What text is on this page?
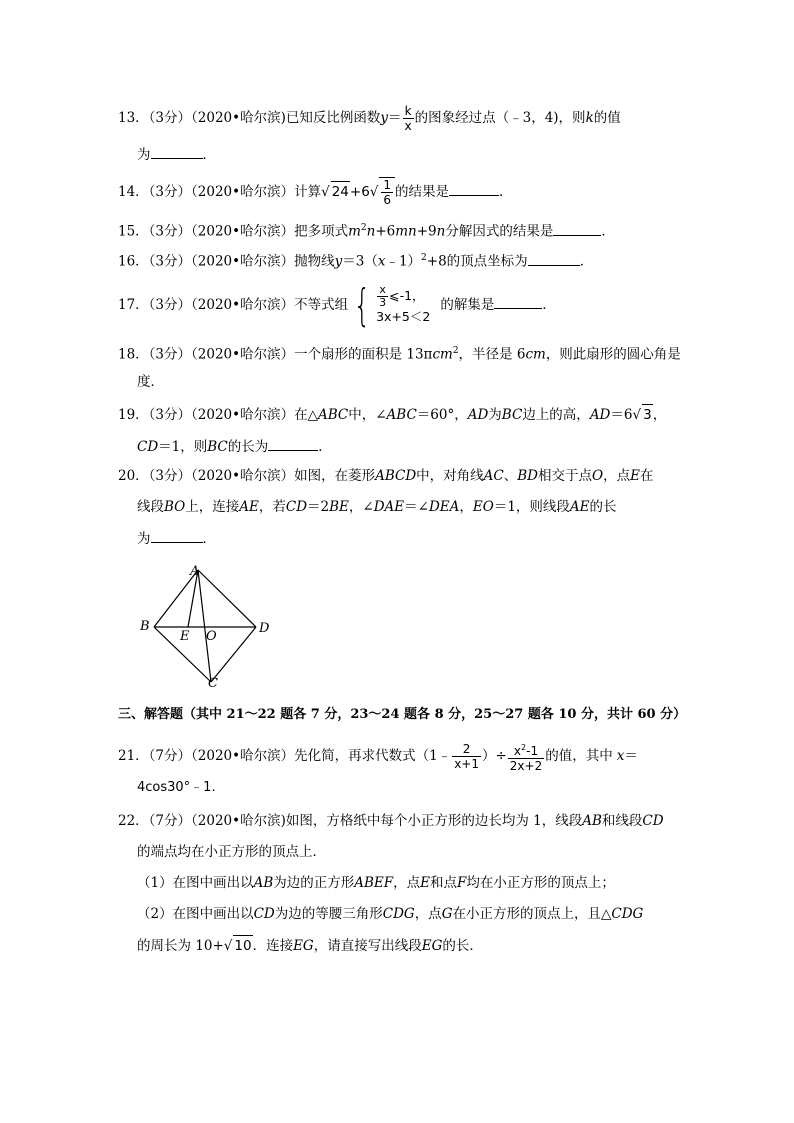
13．（3分）（2020•哈尔滨)已知反比例函数$y= \frac{k}{x}$ 的图象经过点（﹣3，4)，则k的值
为	．
14．（3分）（2020•哈尔滨）计算√ $24+6√ \frac{1}{6}$ 的结果是	．
15．（3分）（2020•哈尔滨）把多项式$m^2n+6mn+9n$分解因式的结果是	．
16．（3分）（2020•哈尔滨）抛物线y＝3（x﹣1）$^2$+8的顶点坐标为	．
17．（3分）（2020•哈尔滨）不等式组 { $\frac{x}{3}$ ⩽-1，
3x+5＜2
的解集是	．
18．（3分）（2020•哈尔滨）一个扇形的面积是 13πcm$^2$，半径是 6cm，则此扇形的圆心角是
度．
19．（3分）（2020•哈尔滨）在△ABC中，∠ABC＝60°，AD为BC边上的高，AD＝6√ 3，
CD＝1，则BC的长为	．
20．（3分）（2020•哈尔滨）如图，在菱形ABCD中，对角线AC、BD相交于点O，点E在
线段BO上，连接AE，若CD＝2BE，∠DAE＝∠DEA，EO＝1，则线段AE的长
为	．
A
B	D
C
E O
三、解答题（其中 21～22 题各 7 分，23～24 题各 8 分，25～27 题各 10 分，共计 60 分）
21．（7分）（2020•哈尔滨）先化简，再求代数式（1﹣ $\frac{2}{x+1}$ ）÷ $\frac{x^2-1}{2x+2}$ 的值，其中 x＝
4cos30°﹣1.
22．（7分）（2020•哈尔滨)如图，方格纸中每个小正方形的边长均为 1，线段AB和线段CD
的端点均在小正方形的顶点上．
（1）在图中画出以AB为边的正方形ABEF，点E和点F均在小正方形的顶点上；
（2）在图中画出以CD为边的等腰三角形CDG，点G在小正方形的顶点上，且△CDG
的周长为 10+√ 10．连接EG，请直接写出线段EG的长．
